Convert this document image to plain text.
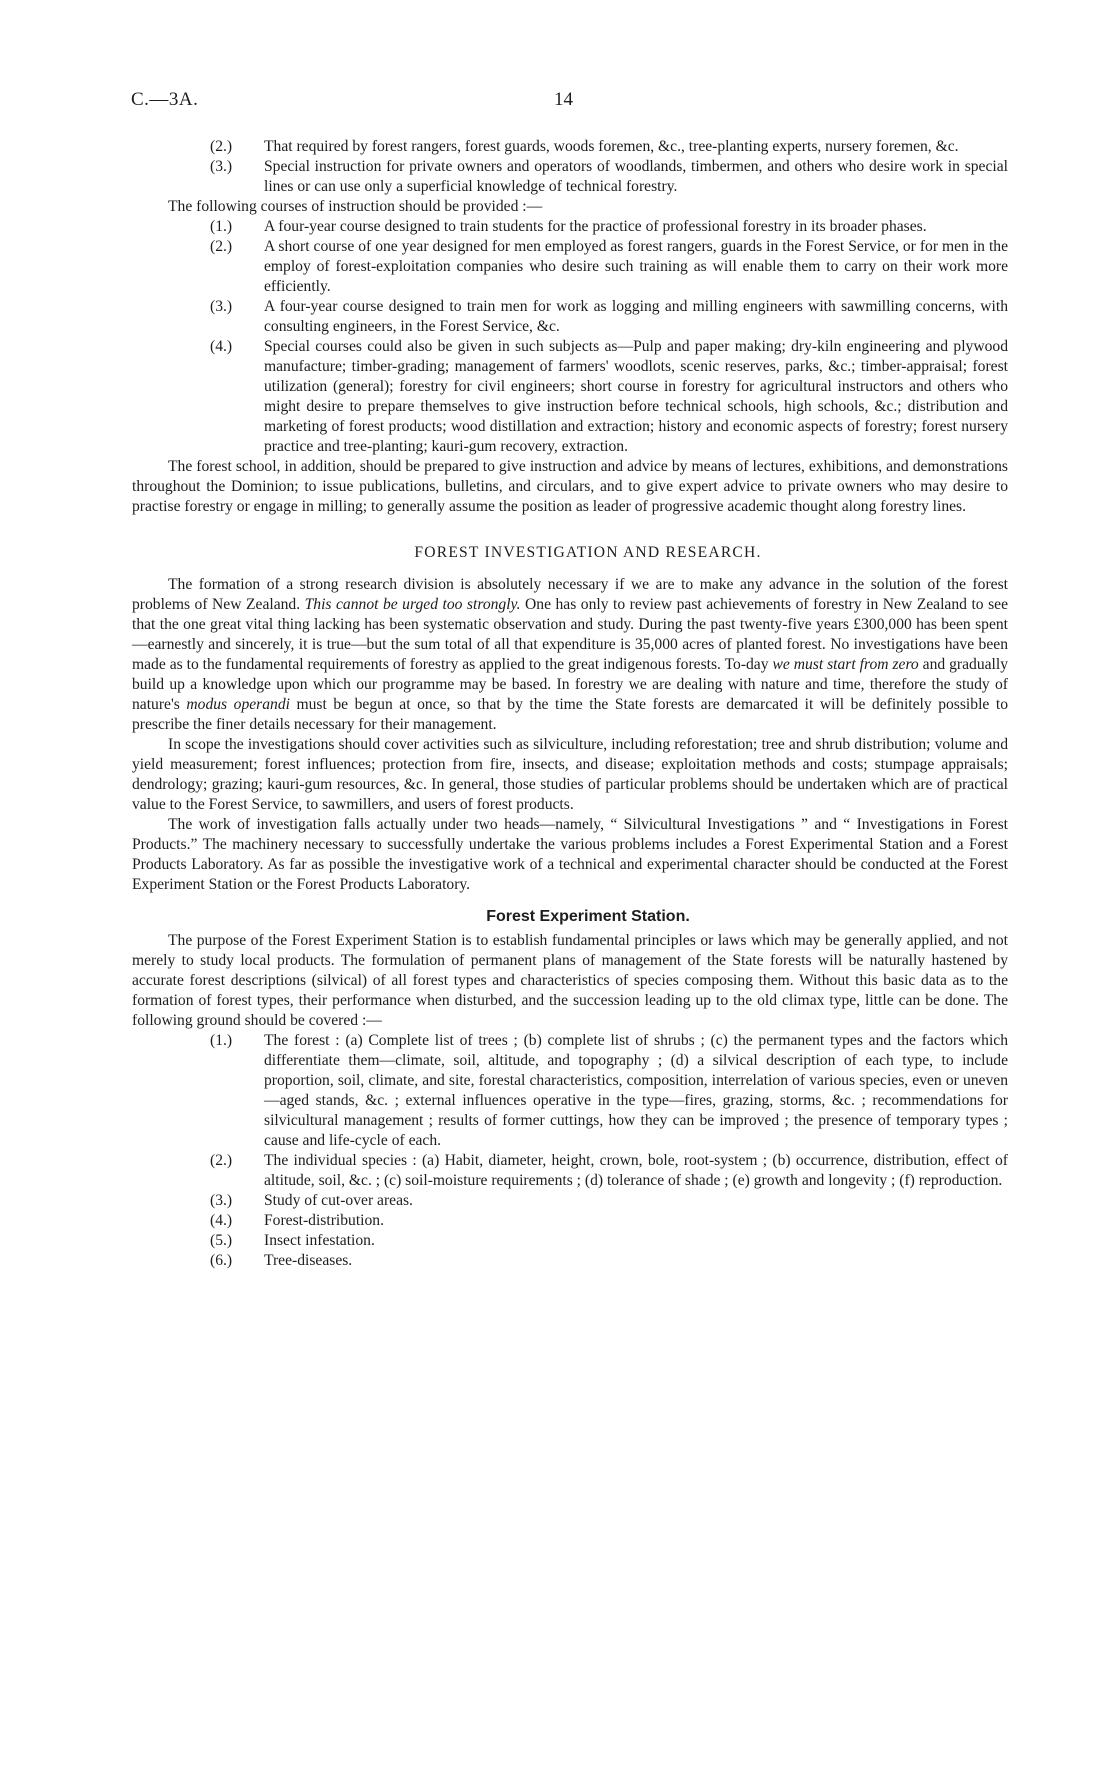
C.—3A.	14
(2.) That required by forest rangers, forest guards, woods foremen, &c., tree-planting experts, nursery foremen, &c.
(3.) Special instruction for private owners and operators of woodlands, timbermen, and others who desire work in special lines or can use only a superficial knowledge of technical forestry.

The following courses of instruction should be provided :—

(1.) A four-year course designed to train students for the practice of professional forestry in its broader phases.
(2.) A short course of one year designed for men employed as forest rangers, guards in the Forest Service, or for men in the employ of forest-exploitation companies who desire such training as will enable them to carry on their work more efficiently.
(3.) A four-year course designed to train men for work as logging and milling engineers with sawmilling concerns, with consulting engineers, in the Forest Service, &c.
(4.) Special courses could also be given in such subjects as—Pulp and paper making; dry-kiln engineering and plywood manufacture; timber-grading; management of farmers' woodlots, scenic reserves, parks, &c.; timber-appraisal; forest utilization (general); forestry for civil engineers; short course in forestry for agricultural instructors and others who might desire to prepare themselves to give instruction before technical schools, high schools, &c.; distribution and marketing of forest products; wood distillation and extraction; history and economic aspects of forestry; forest nursery practice and tree-planting; kauri-gum recovery, extraction.

The forest school, in addition, should be prepared to give instruction and advice by means of lectures, exhibitions, and demonstrations throughout the Dominion; to issue publications, bulletins, and circulars, and to give expert advice to private owners who may desire to practise forestry or engage in milling; to generally assume the position as leader of progressive academic thought along forestry lines.

FOREST INVESTIGATION AND RESEARCH.

The formation of a strong research division is absolutely necessary if we are to make any advance in the solution of the forest problems of New Zealand. This cannot be urged too strongly. One has only to review past achievements of forestry in New Zealand to see that the one great vital thing lacking has been systematic observation and study. During the past twenty-five years £300,000 has been spent—earnestly and sincerely, it is true—but the sum total of all that expenditure is 35,000 acres of planted forest. No investigations have been made as to the fundamental requirements of forestry as applied to the great indigenous forests. To-day we must start from zero and gradually build up a knowledge upon which our programme may be based. In forestry we are dealing with nature and time, therefore the study of nature's modus operandi must be begun at once, so that by the time the State forests are demarcated it will be definitely possible to prescribe the finer details necessary for their management.

In scope the investigations should cover activities such as silviculture, including reforestation; tree and shrub distribution; volume and yield measurement; forest influences; protection from fire, insects, and disease; exploitation methods and costs; stumpage appraisals; dendrology; grazing; kauri-gum resources, &c. In general, those studies of particular problems should be undertaken which are of practical value to the Forest Service, to sawmillers, and users of forest products.

The work of investigation falls actually under two heads—namely, “ Silvicultural Investigations ” and “ Investigations in Forest Products.” The machinery necessary to successfully undertake the various problems includes a Forest Experimental Station and a Forest Products Laboratory. As far as possible the investigative work of a technical and experimental character should be conducted at the Forest Experiment Station or the Forest Products Laboratory.

Forest Experiment Station.

The purpose of the Forest Experiment Station is to establish fundamental principles or laws which may be generally applied, and not merely to study local products. The formulation of permanent plans of management of the State forests will be naturally hastened by accurate forest descriptions (silvical) of all forest types and characteristics of species composing them. Without this basic data as to the formation of forest types, their performance when disturbed, and the succession leading up to the old climax type, little can be done. The following ground should be covered :—

(1.) The forest : (a) Complete list of trees ; (b) complete list of shrubs ; (c) the permanent types and the factors which differentiate them—climate, soil, altitude, and topography ; (d) a silvical description of each type, to include proportion, soil, climate, and site, forestal characteristics, composition, interrelation of various species, even or uneven—aged stands, &c. ; external influences operative in the type—fires, grazing, storms, &c. ; recommendations for silvicultural management ; results of former cuttings, how they can be improved ; the presence of temporary types ; cause and life-cycle of each.
(2.) The individual species : (a) Habit, diameter, height, crown, bole, root-system ; (b) occurrence, distribution, effect of altitude, soil, &c. ; (c) soil-moisture requirements ; (d) tolerance of shade ; (e) growth and longevity ; (f) reproduction.
(3.) Study of cut-over areas.
(4.) Forest-distribution.
(5.) Insect infestation.
(6.) Tree-diseases.
